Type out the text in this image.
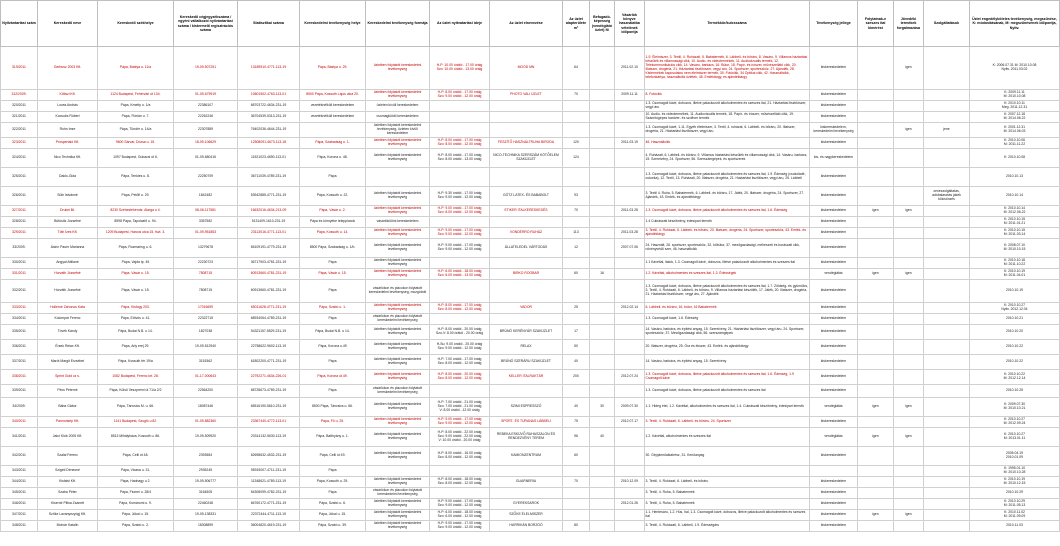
Nyilvántartási szám	Kereskedő neve	Kereskedő székhelye	Kereskedő cégjegyzékszáma / egyéni vállalkozói nyilvántartási száma / kistermelő regisztrációs száma	Statisztikai száma	Kereskedelmi tevékenység helye	Kereskedelmi tevékenység formája	Az üzlet nyitvatartási ideje	Az üzlet elnevezése	Az üzlet alapterülete m²	Befogadó-képesség (vendéglátó üzlet) fő	Vásárlók könyve használatba vételének időpontja	Termékkör/kulcsszáma	Tevékenység jellege	Folytatnak-e szeszes ital kimérést	Jövedéki termékek forgalmazása	Szolgáltatások	Üzlet engedélyköteles tevékenység, megszűnése, K: módosításának, M: megszűnésének időpontja, Nyitv.
319/2011	Gerbusz 2003 Kft.	Pápa, Bástya u. 11/a	19-09-507251	13189510-4771-113-19	Pápa, Bástya u. 29.	üzletben folytatott kereskedelmi tevékenység	H-P: 10.00 órától - 17.00 óráig
Szo: 10.00 órától - 13.00 óráig	MOOD MN	64		2011.02.10	1-9. Élelmiszer, 3. Textil, 4. Ruházati, 5. Babatermék, 6. Lábbeli- és bőráru, 8. Vasáru, 9. Villamos háztartási készülék és villamossági cikk, 10. Audio- és videotermékek, 11. Audiovizuális termék, 12. Telekommunikációs cikk, 14. Vasáru, barkács, 16. Bútor, 18. Papír- és írószer, művészellátó cikk, 20. Illatszer, drogéria, 21. Háztartási tisztítószer, vegyi áru, 24. Sportszer, sporteszköz, 27. Ajándék, 28. Kistermékek kapcsolatos nem élelmiszer termék, 30. Fotócikk, 34 Optikai cikk, 42. Használtcikk, telefonkártya, használtcikk üzletek, 45. Emléktárgy, és ajándéktárgy	kiskereskedelem		igen		K: 2006.07.31 M: 2010.10.08
Nyitv. 2011.03.02
312/2009.	Kőtiszi Kft.	1124 Budapest, Fehérvári út 104.	01-09-679919	10601502-4763-113-01	8500 Pápa, Kossuth Lajos utca 20.	üzletben folytatott kereskedelmi tevékenység	H-P: 8.00 órától - 17.00 óráig
Szo: 9.00 órától - 12.00 óráig	PHOTO VALI ÜZLET	70		2009.11.11	8. Fotócikk	kiskereskedelem				K: 2009.11.11
M: 2010.10.08
320/2011	Lovas András	Pápa, Kmetty u. 1/a	22386107	68703722-4634-231-19	vezetéknélküli kereskedelem	üzleten kívüli kereskedelem						1.3. Csomagolt kávé, dobozos, illetve palackozott alkoholmentes és szeszes ital, 21. Háztartási tisztítószer, vegyi áru	kiskereskedelem				K: 2010.10.11
Meg. 2011.12.31
321/2011	Kocsubs Róbert	Pápa, Flórián u. 7.	22262246	36704539-5313-231-19	vezetéknélküli kereskedelem	csomagküldő kereskedelem						10. Audio- és videotermékek, 11. Audiovizuális termék, 18. Papír- és írószer, művészellátó cikk, 19. Számítógépes hardver- és szoftver termék	kiskereskedelem				K: 2007.12.18
M: 2014.06.22
322/2011	Rohn Imre	Pápa, Tündér u. 14/a	22307889	76402036-4644-231-19		üzletben folytatott kereskedelmi tevékenység, üzleten kívüli kereskedelem						1.3. Csomagolt kávé, 1.11. Egyéb élelmiszer, 3. Textil, 4. ruházat, 6. Lábbeli- és bőráru, 20. Illatszer, drogéria, 21. Háztartási tisztítószer, vegyi áru	kiskereskedelem, kereskedelmi tevékenység		igen	jene	K: 2001.12.31
M: 2014.06.03
323/2011	Prospertaló Kft.	9600 Sárvár, Dózsa u. 15.	18-09-106629	12508091-4673-113-18	Pápa, Szabadság u. 1.	üzletben folytatott kereskedelmi tevékenység	H-P: 8.00 órától - 17.00 óráig
Szo: 8.00 órától - 12.00 óráig	FESZÍTŐ HASZNÁLTRUHA BIRODA	120		2011.03.19	46. Használtcikk	kiskereskedelem				K: 2010.10.06
M: 2011.11.22
324/2011	Nico Technika Kft.	1097 Budapest, Gubacsi út 6.	01-09-680416	11521023-4690-113-01	Pápa, Korona u. 48.	üzletben folytatott kereskedelmi tevékenység	H-P: 8.00 órától - 17.00 óráig
Szo: 8.00 órától - 13.00 óráig	NICO-TECHNIKA SZERSZÁM KÖTŐELEM SZAKÜZLET	124			4. Ruházati, 6. Lábbeli- és bőráru, 9. Villamos háztartási készülék és villamossági cikk, 14. Vasáru, barkács, 15. Szerelvény, 24. Sportszer, 56. Szerszámgépek, és sportszerek	kis- és nagykereskedelem				K: 2010.10.08
325/2011	Daklo-Gida	Pápa, Tenkles u. 8.	22250709	36711039-4789-231-19	Pápa							1.3. Csomagolt kávé, dobozos, illetve palackozott alkoholmentes és szeszes ital, 1.9. Édesség (csokoládé, cukorka), 12. Textil, 13. Ruházati, 20. Illatszer, drogéria, 21. Háztartási tisztítószer, vegyi áru, 25. Lábbeli	kiskereskedelem				2010.10.13
326/2011	Süle Istvánné	Pápa, Petőfi u. 29.	1842482	53942885-4771-231-19	Pápa, Kossuth u. 22.	üzletben folytatott kereskedelmi tevékenység	H-P: 9.30 órától - 17.00 óráig
Szo: 9.00 órától - 12.00 óráig	GÓTZ LATEX- ÉS BABABOLT	93			3. Textil 4. Ruha, 5. Babatermék, 6. Lábbeli- és bőráru, 17. Játék, 20. Illatszer, drogéria, 24. Sportszer, 27. Ajándék, 43. Emlék- és ajándéktárgy	kiskereskedelem			zeneszolgáltatás, adóbalasztás jakék kölcsönzés	2010.10.14
327/2011	Drukei Bt.	8230 Széhesfehérvár, Alarga u 4.	08-06-117581	16632016-4634-213-09	Pápa, Vásár u. 2.	üzletben folytatott kereskedelmi tevékenység	H-P: 9.00 órától - 17.00 óráig
Szo: 8.00 órától - 12.00 óráig	ETIKER ITALKERESKEDÉS	70		2011.03.28	1.3. Csomagolt kávé, dobozos, illetve palackozott alkoholmentes és szeszes ital, 1.6. Édesség	kiskereskedelem	igen	igen		K: 2010.10.14
M: 2012.06.22
328/2011	Bütüsök Józsefné	8598 Pápa, Tapolcafő u. 94.	3357582	5131409-1610-231-19	Pápa és környéke teleppiacok	vásárlókülöni kereskedelem						1.4 Cukrászati készítmény, édesipari termék	kiskereskedelem				K: 2010.10.15
M: 2011.01.21
329/2011	Tóth Ízes Kft.	1209 Budapest, Harcos utca 15. fszt. 3.	01-09-951853	23113016-4771-113-01	Pápa, Kossuth u. 14.	üzletben folytatott kereskedelmi tevékenység	H-P: 9.00 órától - 17.00 óráig
Szo: 9.00 órától - 12.00 óráig	VONDÉRRO RUHÁZ	113		2011.03.28	3. Textil, 4. Ruházat, 6. Lábbeli- és bőráru, 20. Illatszer, drogéria, 24. Sportszer, sporteszköz, 43. Emlék- és ajándéktárgy	kiskereskedelem				K: 2010.10.15
M: 2011.03.14
33/2009.	Ásinn Pauer Marianna	Pápa, Rozmaring u. 6.	13279678	65109191-4779-231-19	8500 Pápa, Szabadság u. 1/b.	üzletben folytatott kereskedelmi tevékenység	H-P: 9.00 órától - 17.00 óráig
Szo: 9.00 órától - 12.00 óráig	ÁLLATELEDEL VÁRTODÁS	12		2007.07.06	24. Használt, 26. sportszer, sporteszköz, 32. kőbútor, 37. mezőgazdasági, méhészeti és borászati cikk, növényvédő szer, 46. használtcikk	kiskereskedelem				K: 2008.07.10
M: 2010.10.15
330/2011	Angyal Attilané	Pápa, Vajda tp. 45	22230723	36717903-4781-231-19	Pápa	üzletben folytatott kereskedelmi tevékenység						1.1 Kávéital, italok, 1.3. Csomagolt kávé, dobozos, illetve palackozott alkoholmentes és szeszes ital	kiskereskedelem				K: 2010.10.18
M: 2011.10.22
331/2011	Horváth Józsefné	Pápa, Vásár u. 15.	7808715	60913660-4781-231-19	Pápa, Vásár u. 15.	üzletben folytatott kereskedelmi tevékenység	H-P: 6.00 órától - 18.00 óráig
Szo: 6.00 órától - 13.00 óráig	BIRKO ROOBAR	60	16		1.2. Kávéital, alkoholmentes és szeszes ital, 1.3. Édességek	vendéglátás	igen	igen		K: 2010.10.19
M: 2011.04.01
332/2011	Horváth Józsefné	Pápa, Vásár u. 15.	7808715	60913660-4781-231-19	Pápa	vásárlókon és piacokon folytatott kereskedelmi tevékenység, mozgóbolt						1.3. Csomagolt kávé, dobozos, illetve palackozott alkoholmentes és szeszes ital, 1.7. Zöldség- és gyümölcs, 3. Textil, 4. Ruházati, 6. Lábbeli- és bőráru, 9. Villamos háztartási készülék, 17. Játék, 20. Illatszer, drogéria, 21. Háztartási tisztítószer, vegyi áru, 27. Ajándék	kiskereskedelem				2010.10.19
333/2011	Hollerné Zahonos Kata	Pápa, Kisfogy 203.	17016699	65011628-4771-231-19	Pápa, Szabó u. 1.	üzletben folytatott kereskedelmi tevékenység	H-P: 8.00 órától - 17.00 óráig
Szo: 8.00 órától - 12.00 óráig	VADOR	25		2012.02.14	6. Lábbeli- és bőráru, 16. bútor, 16 Babatermék	kiskereskedelem				K: 2010.10.27
Nyitv. 2012.12.04
334/2011	Kolompár Ferenc	Pápa, Eötvös u. 41.	22322715	68934064-4789-231-19	Pápa	vásárlókon és piacokon folytatott kereskedelmi tevékenység						1.3. Csomagolt kávé, 1.6. Édesség	kiskereskedelem				2010.10.21
335/2011	Tóvék Károly	Pápa, Budai N.B. u 14.	1827038	54321157-5529-231-19	Pápa, Budai N.B. u 14.	üzletben folytatott kereskedelmi tevékenység	H-P: 8.00 órától - 20.00 óráig
Szo-V: 8.00 órától - 20.00 óráig	BRÚNÓ KERÉNYÁR SZAKÜZLET	17			14. Vasáru, barkács, és építési anyag, 15. Szerelvény, 21. Háztartási tisztítószer, vegyi áru, 24. Sportszer, sporteszköz, 37. Mezőgazdasági cikk, 56. szerszámgépek	kiskereskedelem				2010.10.20
336/2011	Érsek Relax Kft.	Pápa, Arly erej 29.	19-09-512940	22758622-9602-113-19	Pápa, Korona u.49	üzletben folytatott kereskedelmi tevékenység	H-Su: 9.00 órától - 20.00 óráig
Szo: 9.00 órától - 12.00 óráig	RELAX	50			20. Illatszer, drogéria, 25. Óra és ékszer, 43. Emlék- és ajándéktárgy	kiskereskedelem				2010.10.22
337/2011	Marót Margit Erzsébet	Pápa, Kossuth tér 19/a	3151562	61802200-4771-231-19	Pápa	üzletben folytatott kereskedelmi tevékenység	H-P: 7.00 órától - 17.00 óráig
Szo: 8.00 órától - 12.00 óráig	BRÚNÓ SZERÁRU SZAKÜZLET	40			14. Vasáru, barkács, és építési anyag, 15. Szerelvény	kiskereskedelem				2010.10.22
338/2011	Sprint Gold cz s.	1082 Budapest, Ferenc krt. 28.	01-17-000643	22792271-4634-226-01	Pápa, Korona út.49.	üzletben folytatott kereskedelmi tevékenység	H-P: 8.00 órától - 20.00 óráig
Szo: 8.00 órától - 12.00 óráig	KELLER ITALRAKTÁR	200		2012.07.24	1.3. Csomagolt kávé, dobozos, illetve palackozott alkoholmentes és szeszes ital, 1.6. Édesség, 1.9 Csomagolt kávé	kiskereskedelem				K: 2010.10.22
M: 2012.12.14
339/2011	Pécs Péterné	Pápa, Külső Veszprémi út 71/a 2/2	22564200	68728673-4789-231-19	Pápa	vásárlókon és piacokon folytatott kereskedelmi tevékenység						1.3. Csomagolt kávé, dobozos, illetve palackozott alkoholmentes és szeszes ital	kiskereskedelem				2010.10.25
34/2009.	Bába Gábor	Pápa, Táncsics M. u. 66.	18087446	65516190-5610-231-19	8500 Pápa, Táncsics u. 66.	üzletben folytatott kereskedelmi tevékenység	H-P: 7.00 órától - 21.00 óráig
Szo: 7.00 órától - 21.00 óráig
V: 8.00 órától - 12.00 óráig	SZIMI ESPRESSZÓ	40	30	2009.07.30	1.1. Hideg étel, 1.2. Kávéital, alkoholmentes és szeszes ital, 1.4. Cukrászati készítmény, édesipari termék	vendéglátás	igen	igen		K: 2009.07.30
M: 2010.10.21
340/2011	Pannonkép Kft.	1141 Budapest, Szugló u 82.	01-09-882360	23367440-4772-113-01	Pápa, Fő u. 25.	üzletben folytatott kereskedelmi tevékenység	H-P: 9.00 órától - 17.00 óráig
Szo: 9.00 órától - 12.00 óráig	SPORT- ÉS TÚRANAS LÁBBELI	75		2012.07.17	3. Textil, 4. Ruházati, 6. Lábbeli- és bőráru, 24. Sportszer	kiskereskedelem				K: 2010.10.27
M: 2012.09.24
341/2011	Jakó Klub 2005 Kft.	8513 Mihályháza, Kossuth u. 86.	19-09-509920	20314132-5630-113-19	Pápa, Batthyány u. 1.	üzletben folytatott kereskedelmi tevékenység	H-P: 8.00 órától - 22.00 óráig
Szo: 9.00 órától - 22.00 óráig
V: 10.00 órától - 20.00 óráig	REBEKA ESKÜVŐ RUHASZALON ÉS RENDEZVÉNY TEREM	96	40		1.2. Kávéital, alkoholmentes és szeszes ital	vendéglátás	igen	igen		K: 2010.10.27
M: 2013.01.11
342/2011	Szalai Ferenc	Pápa, Celli út 48.	2393584	62698632-4532-231-19	Pápa, Celli út 49.	üzletben folytatott kereskedelmi tevékenység	H-P: 8.00 órától - 16.00 óráig
Szo: 8.00 órától - 12.00 óráig	KAMIONZENTRUM	60			30. Gépjárműalkatrész, 31. Kenőanyag	kiskereskedelem				2005.04.19
2010.01.09
343/2011	Szigeti Dénesné	Pápa, Vicasa u. 31.	2935245	55915007-4711-231-19	Pápa												K: 1995.01.10
M: 2010.10.28
344/2011	Kisfalvi Kft.	Pápa, Hadnagy u 2.	19-09-506777	11348621-4789-113-19	Pápa, Kossuth u. 29.	üzletben folytatott kereskedelmi tevékenység	H-P: 8.00 órától - 18.00 óráig
Szo: 8.00 órától - 12.00 óráig	GUARNERIA	70		2010.12.09	3. Textil, 4. Ruházat, 6. Lábbeli- és bőráru	kiskereskedelem				K: 2010.10.19
M: 2010.12.15
345/2011	Szaba Péter	Pápa, Fiumei u. 28/4	3164505	54308099-4782-231-19	Pápa	vásárlókon és piacokon folytatott kereskedelmi tevékenység						3. Textil, 4. Ruha, 5. Babatermék	kiskereskedelem				2010.10.29
346/2011	Kiserné Piltsa Zsanett	Pápa, Komáromi u. 9.	22460248	66760172-4771-231-19	Pápa, Szabó u. 6.	üzletben folytatott kereskedelmi tevékenység	H-P: 9.00 órától - 17.00 óráig
Szo: 9.00 órától - 12.00 óráig	GYEREKSAROK			2012.01.26	3. Textil, 4. Ruha, 5. Babatermék	kiskereskedelem				K: 2010.10.29
M: 2011.05.13
347/2011	Szőke Lavanyezyógj Kft.	Pápa, Jókai u. 15.	19-09-138331	22372444-4711-113-19	Pápa, Jókai u. 15.	üzletben folytatott kereskedelmi tevékenység	H-P: 6.00 órától - 18.00 óráig
Szo: 6.00 órától - 12.00 óráig	SZŐKE ÉLELMISZER				1.1. Hentesáru, 1.2. Hús, hal, 1.3. Csomagolt kávé, dobozos, illetve palackozott alkoholmentes és szeszes ital	kiskereskedelem	igen	igen		K: 2010.11.02
M: 2011.09.09
348/2011	Molnár Katalin	Pápa, Szabó u. 2.	18308899	36004820-4619-231-19	Pápa, Szabó u. 39.	üzletben folytatott kereskedelmi tevékenység	H-P: 9.00 órától - 17.00 óráig
Szo: 9.00 órától - 12.00 óráig	HURRIKÁN BORZOÓ	80			3. Textil, 4. Ruházati, 6. Lábbeli, 1.9. Édességáru	kiskereskedelem				2010.11.03
